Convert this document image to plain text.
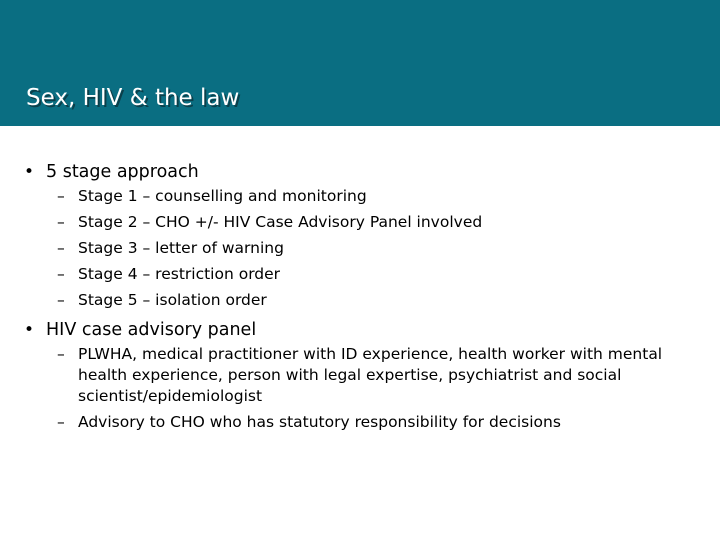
Sex, HIV & the law
• 5 stage approach
– Stage 1 – counselling and monitoring
– Stage 2 – CHO +/- HIV Case Advisory Panel involved
– Stage 3 – letter of warning
– Stage 4 – restriction order
– Stage 5 – isolation order
• HIV case advisory panel
– PLWHA, medical practitioner with ID experience, health worker with mental health experience, person with legal expertise, psychiatrist and social scientist/epidemiologist
– Advisory to CHO who has statutory responsibility for decisions
